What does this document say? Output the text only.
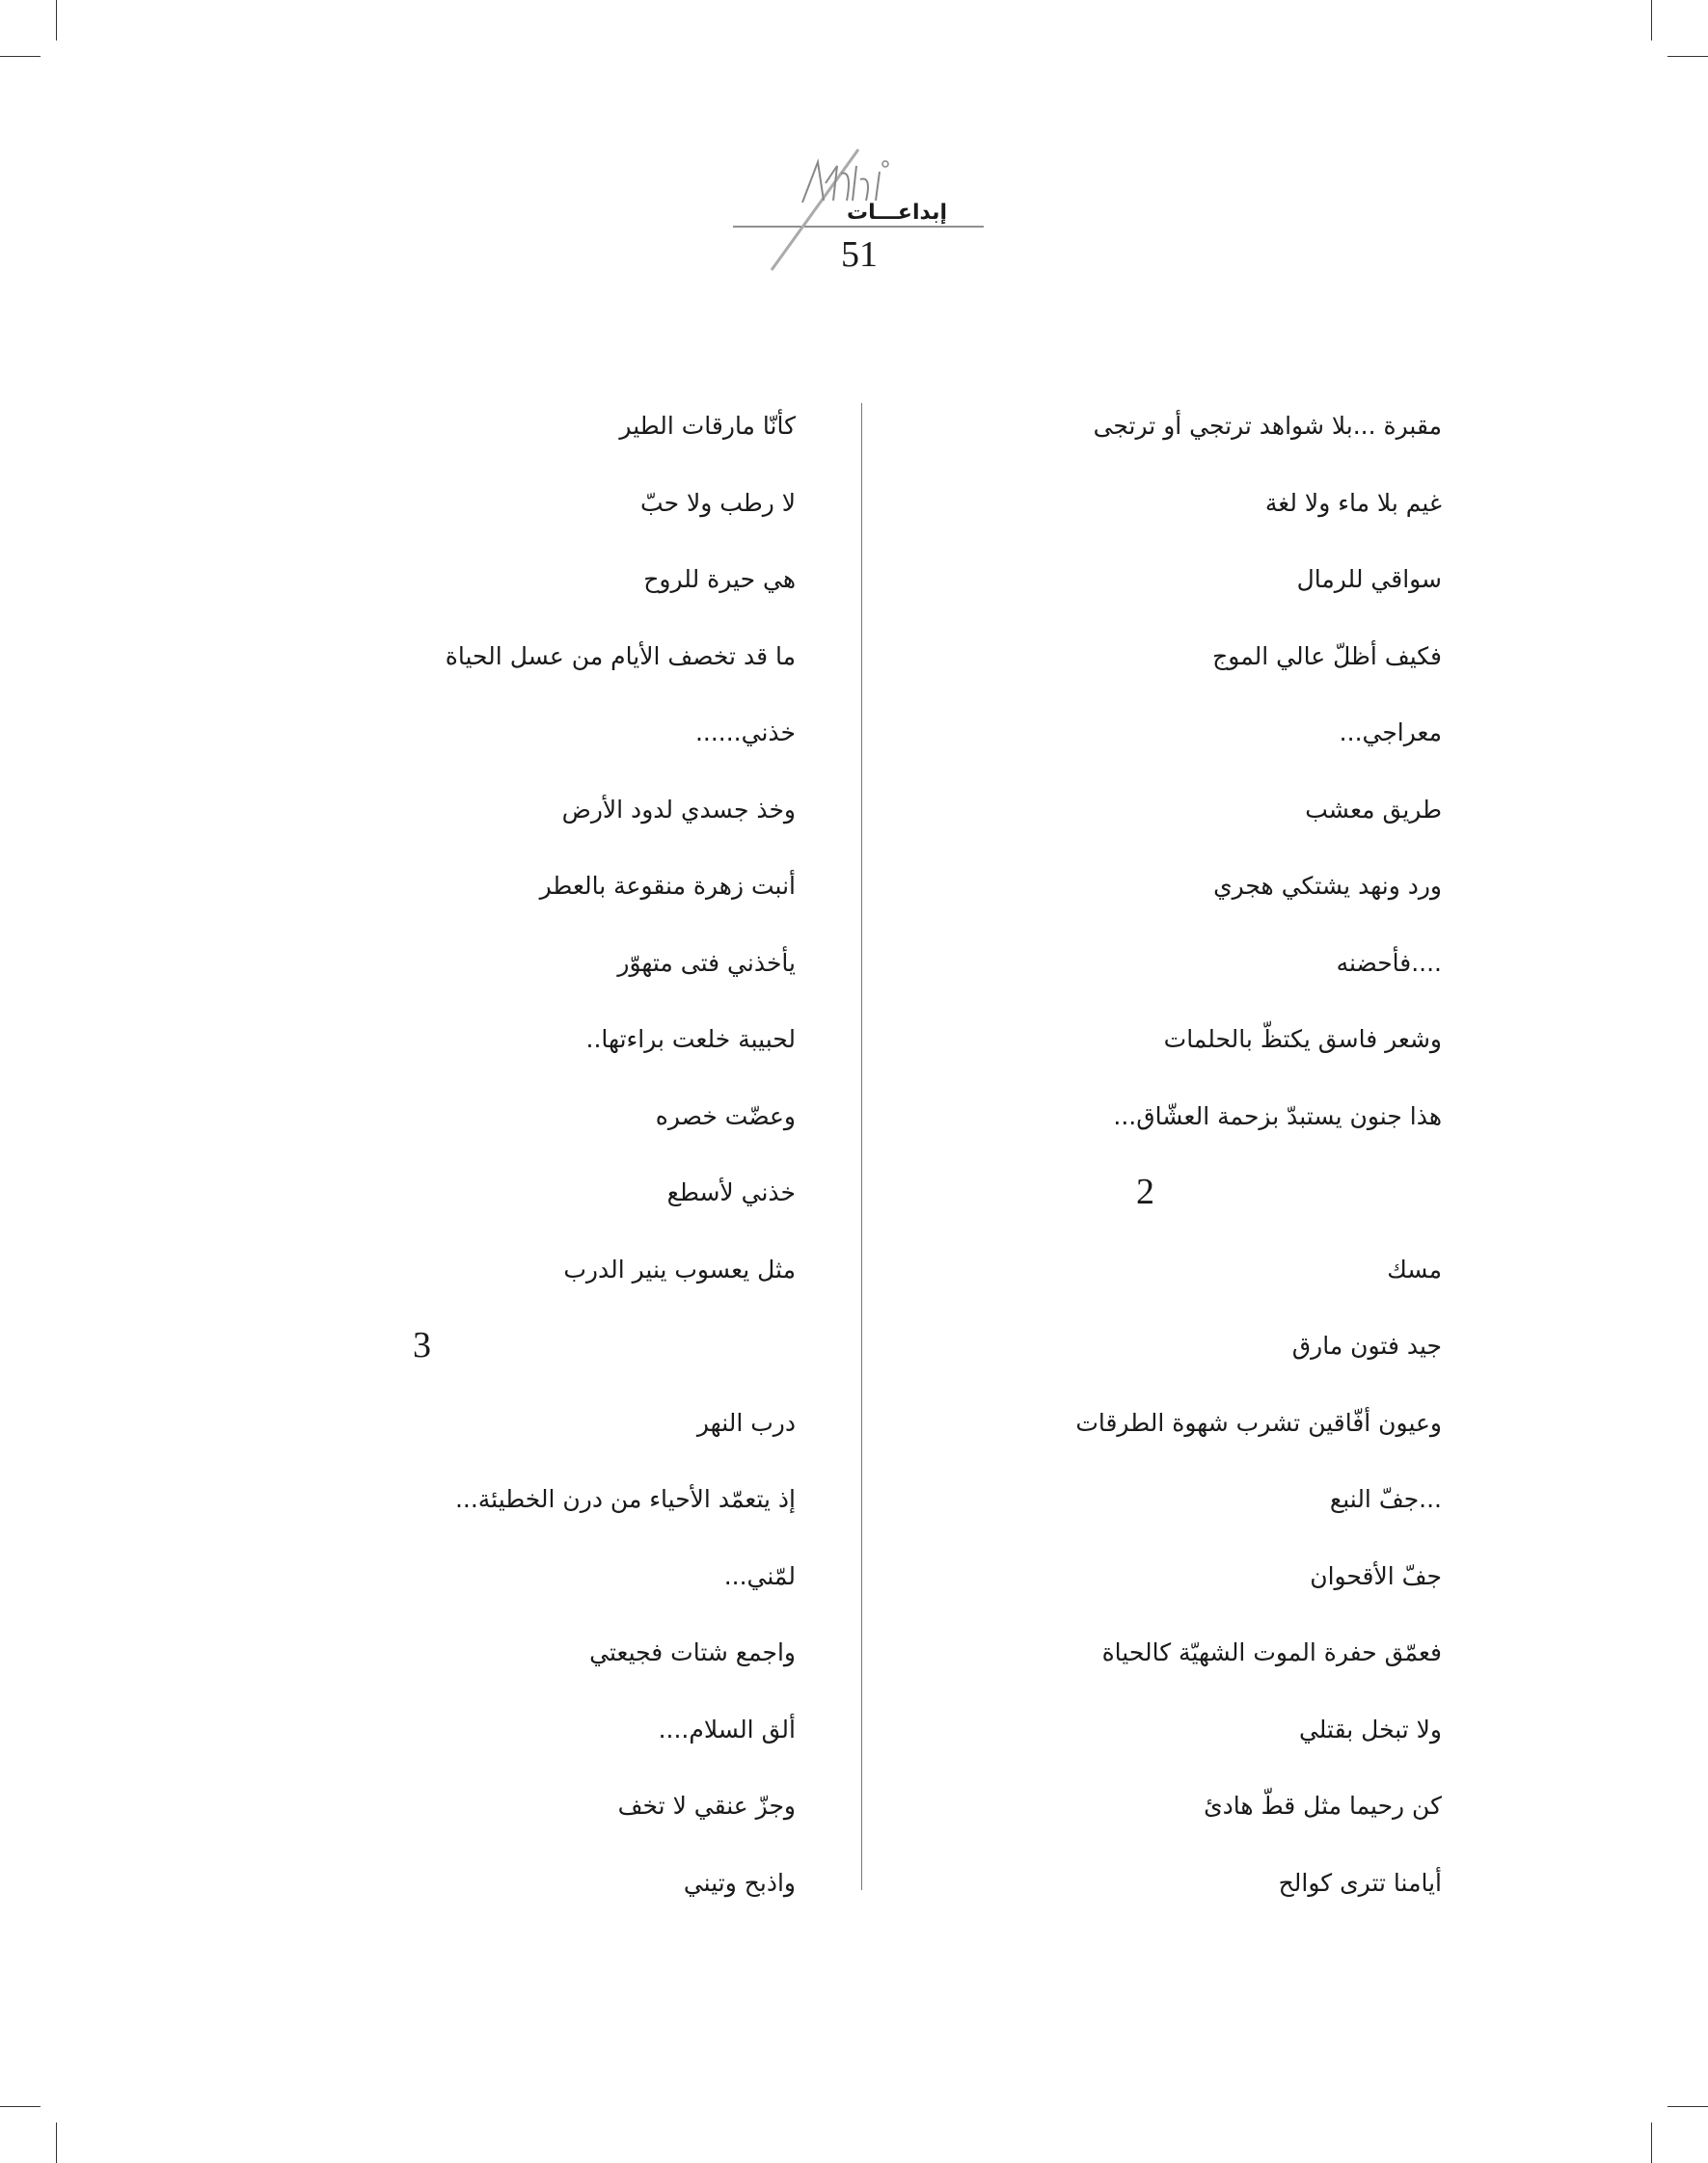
إبداعـــات
51
مقبرة ...بلا شواهد ترتجي أو ترتجى
غيم بلا ماء ولا لغة
سواقي للرمال
فكيف أظلّ عالي الموج
معراجي...
طريق معشب
ورد ونهد يشتكي هجري
....فأحضنه
وشعر فاسق يكتظّ بالحلمات
هذا جنون يستبدّ بزحمة العشّاق...
2
مسك
جيد فتون مارق
وعيون أفّاقين تشرب شهوة الطرقات
...جفّ النبع
جفّ الأقحوان
فعمّق حفرة الموت الشهيّة كالحياة
ولا تبخل بقتلي
كن رحيما مثل قطّ هادئ
أيامنا تترى كوالح
كأنّا مارقات الطير
لا رطب ولا حبّ
هي حيرة للروح
ما قد تخصف الأيام من عسل الحياة
خذني......
وخذ جسدي لدود الأرض
أنبت زهرة منقوعة بالعطر
يأخذني فتى متهوّر
لحبيبة خلعت براءتها..
وعضّت خصره
خذني لأسطع
مثل يعسوب ينير الدرب
3
درب النهر
إذ يتعمّد الأحياء من درن الخطيئة...
لمّني...
واجمع شتات فجيعتي
ألق السلام....
وجزّ عنقي لا تخف
واذبح وتيني
